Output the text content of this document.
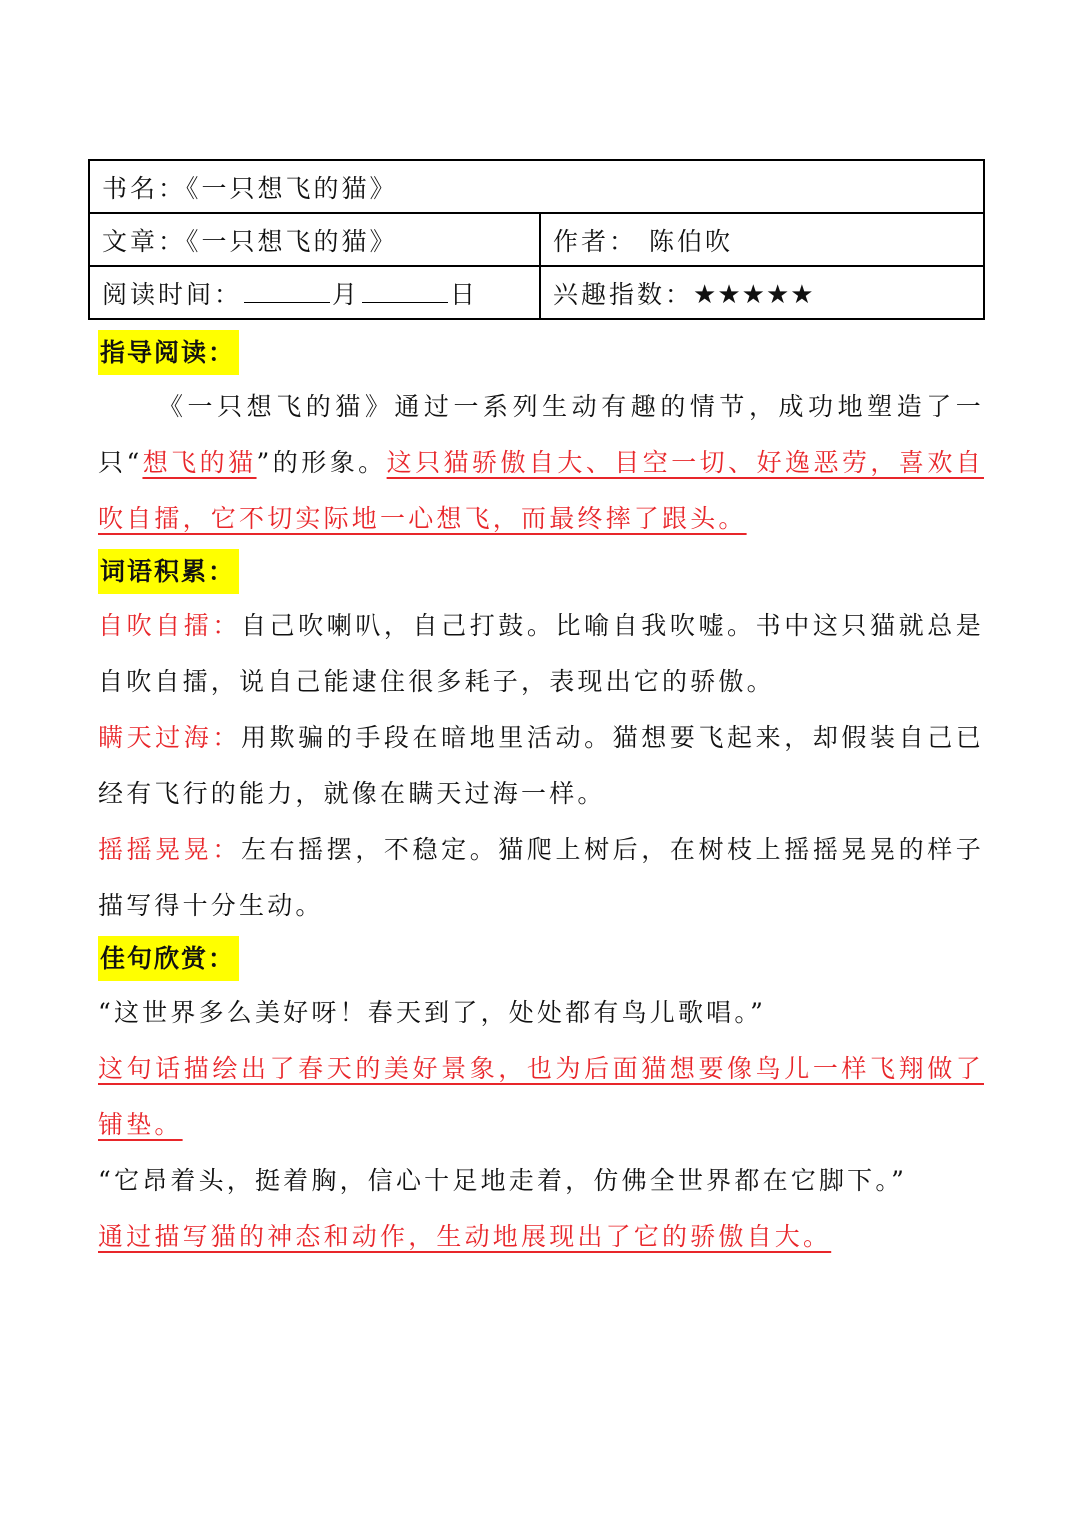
书名：《一只想飞的猫》	
文章：《一只想飞的猫》	作者： 陈伯吹
阅读时间： 月 日	兴趣指数：★★★★★
指导阅读：

《一只想飞的猫》通过一系列生动有趣的情节，成功地塑造了一只“想飞的猫”的形象。这只猫骄傲自大、目空一切、好逸恶劳，喜欢自吹自擂，它不切实际地一心想飞，而最终摔了跟头。

词语积累：

自吹自擂：自己吹喇叭，自己打鼓。比喻自我吹嘘。书中这只猫就总是自吹自擂，说自己能逮住很多耗子，表现出它的骄傲。

瞒天过海：用欺骗的手段在暗地里活动。猫想要飞起来，却假装自己已经有飞行的能力，就像在瞒天过海一样。

摇摇晃晃：左右摇摆，不稳定。猫爬上树后，在树枝上摇摇晃晃的样子描写得十分生动。

佳句欣赏：

“这世界多么美好呀！春天到了，处处都有鸟儿歌唱。”

这句话描绘出了春天的美好景象，也为后面猫想要像鸟儿一样飞翔做了铺垫。

“它昂着头，挺着胸，信心十足地走着，仿佛全世界都在它脚下。”

通过描写猫的神态和动作，生动地展现出了它的骄傲自大。
